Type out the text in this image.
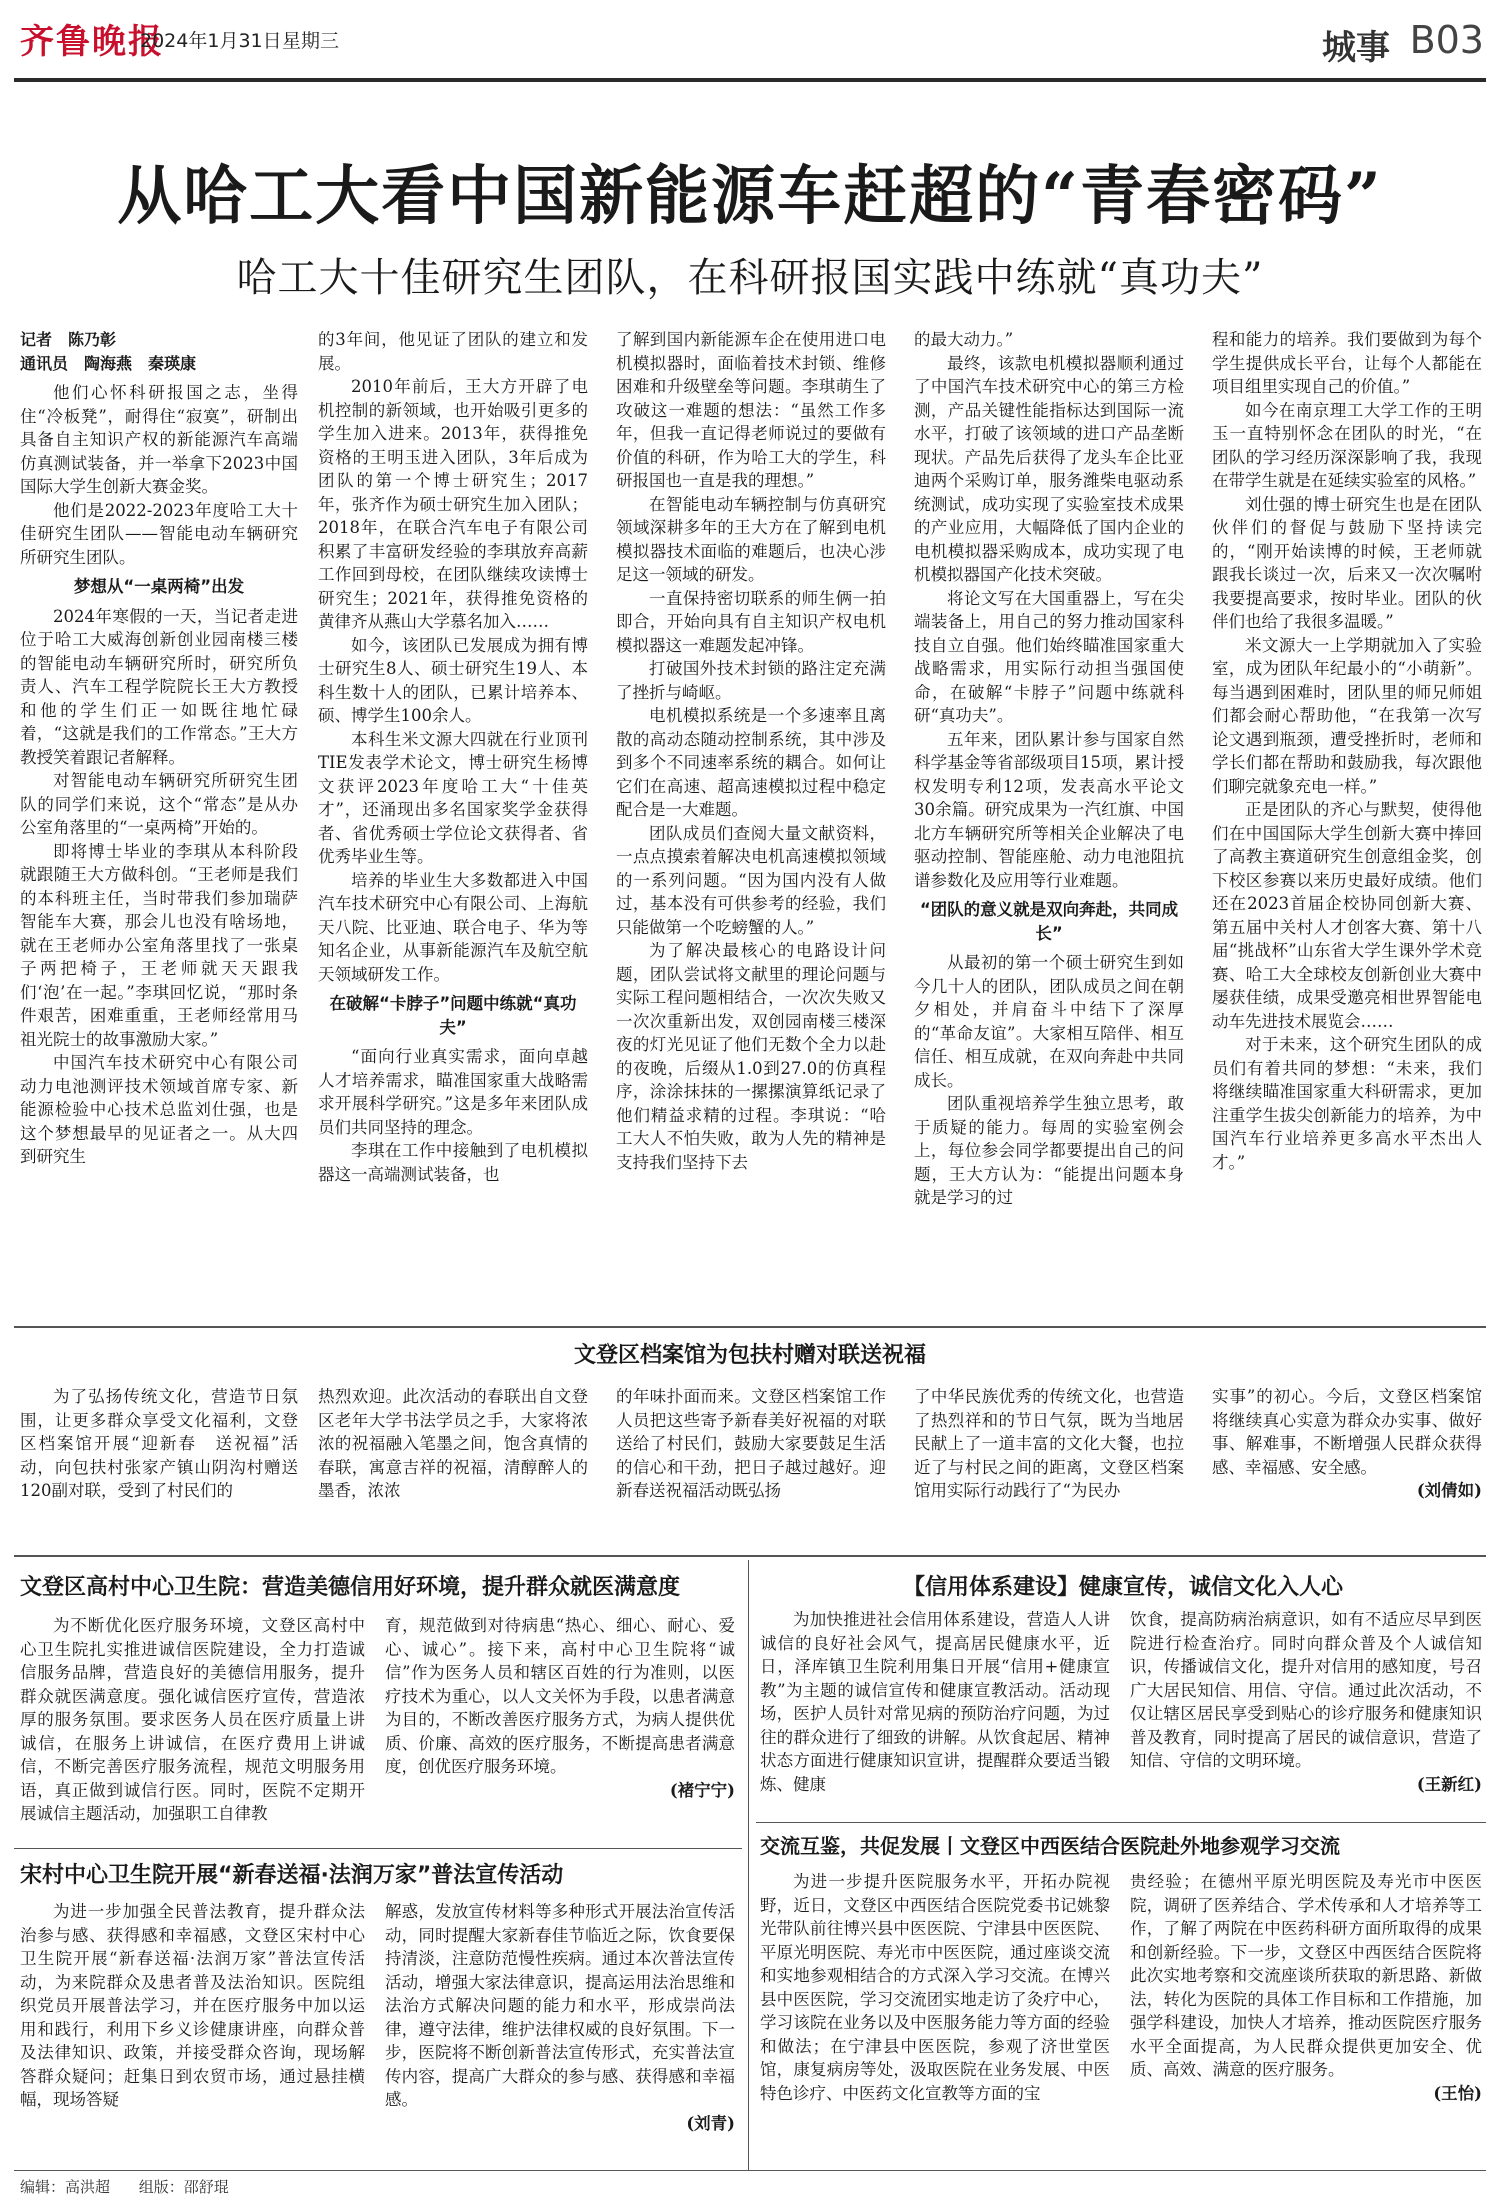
齐鲁晚报
2024年1月31日 星期三	城事 B03
从哈工大看中国新能源车赶超的“青春密码”
哈工大十佳研究生团队，在科研报国实践中练就“真功夫”

记者　陈乃彰

通讯员　陶海燕　秦瑛康

他们心怀科研报国之志，坐得住“冷板凳”，耐得住“寂寞”，研制出具备自主知识产权的新能源汽车高端仿真测试装备，并一举拿下2023中国国际大学生创新大赛金奖。

他们是2022-2023年度哈工大十佳研究生团队——智能电动车辆研究所研究生团队。

梦想从“一桌两椅”出发

2024年寒假的一天，当记者走进位于哈工大威海创新创业园南楼三楼的智能电动车辆研究所时，研究所负责人、汽车工程学院院长王大方教授和他的学生们正一如既往地忙碌着，“这就是我们的工作常态。”王大方教授笑着跟记者解释。

对智能电动车辆研究所研究生团队的同学们来说，这个“常态”是从办公室角落里的“一桌两椅”开始的。

即将博士毕业的李琪从本科阶段就跟随王大方做科创。“王老师是我们的本科班主任，当时带我们参加瑞萨智能车大赛，那会儿也没有啥场地，就在王老师办公室角落里找了一张桌子两把椅子，王老师就天天跟我们‘泡’在一起。”李琪回忆说，“那时条件艰苦，困难重重，王老师经常用马祖光院士的故事激励大家。”

中国汽车技术研究中心有限公司动力电池测评技术领域首席专家、新能源检验中心技术总监刘仕强，也是这个梦想最早的见证者之一。从大四到研究生

的3年间，他见证了团队的建立和发展。

2010年前后，王大方开辟了电机控制的新领域，也开始吸引更多的学生加入进来。2013年，获得推免资格的王明玉进入团队，3年后成为团队的第一个博士研究生；2017年，张齐作为硕士研究生加入团队；2018年，在联合汽车电子有限公司积累了丰富研发经验的李琪放弃高薪工作回到母校，在团队继续攻读博士研究生；2021年，获得推免资格的黄律齐从燕山大学慕名加入……

如今，该团队已发展成为拥有博士研究生8人、硕士研究生19人、本科生数十人的团队，已累计培养本、硕、博学生100余人。

本科生米文源大四就在行业顶刊TIE发表学术论文，博士研究生杨博文获评2023年度哈工大“十佳英才”，还涌现出多名国家奖学金获得者、省优秀硕士学位论文获得者、省优秀毕业生等。

培养的毕业生大多数都进入中国汽车技术研究中心有限公司、上海航天八院、比亚迪、联合电子、华为等知名企业，从事新能源汽车及航空航天领域研发工作。

在破解“卡脖子”问题中练就“真功夫”

“面向行业真实需求，面向卓越人才培养需求，瞄准国家重大战略需求开展科学研究。”这是多年来团队成员们共同坚持的理念。

李琪在工作中接触到了电机模拟器这一高端测试装备，也

了解到国内新能源车企在使用进口电机模拟器时，面临着技术封锁、维修困难和升级壁垒等问题。李琪萌生了攻破这一难题的想法：“虽然工作多年，但我一直记得老师说过的要做有价值的科研，作为哈工大的学生，科研报国也一直是我的理想。”

在智能电动车辆控制与仿真研究领域深耕多年的王大方在了解到电机模拟器技术面临的难题后，也决心涉足这一领域的研发。

一直保持密切联系的师生俩一拍即合，开始向具有自主知识产权电机模拟器这一难题发起冲锋。

打破国外技术封锁的路注定充满了挫折与崎岖。

电机模拟系统是一个多速率且离散的高动态随动控制系统，其中涉及到多个不同速率系统的耦合。如何让它们在高速、超高速模拟过程中稳定配合是一大难题。

团队成员们查阅大量文献资料，一点点摸索着解决电机高速模拟领域的一系列问题。“因为国内没有人做过，基本没有可供参考的经验，我们只能做第一个吃螃蟹的人。”

为了解决最核心的电路设计问题，团队尝试将文献里的理论问题与实际工程问题相结合，一次次失败又一次次重新出发，双创园南楼三楼深夜的灯光见证了他们无数个全力以赴的夜晚，后缀从1.0到27.0的仿真程序，涂涂抹抹的一摞摞演算纸记录了他们精益求精的过程。李琪说：“哈工大人不怕失败，敢为人先的精神是支持我们坚持下去

的最大动力。”

最终，该款电机模拟器顺利通过了中国汽车技术研究中心的第三方检测，产品关键性能指标达到国际一流水平，打破了该领域的进口产品垄断现状。产品先后获得了龙头车企比亚迪两个采购订单，服务潍柴电驱动系统测试，成功实现了实验室技术成果的产业应用，大幅降低了国内企业的电机模拟器采购成本，成功实现了电机模拟器国产化技术突破。

将论文写在大国重器上，写在尖端装备上，用自己的努力推动国家科技自立自强。他们始终瞄准国家重大战略需求，用实际行动担当强国使命，在破解“卡脖子”问题中练就科研“真功夫”。

五年来，团队累计参与国家自然科学基金等省部级项目15项，累计授权发明专利12项，发表高水平论文30余篇。研究成果为一汽红旗、中国北方车辆研究所等相关企业解决了电驱动控制、智能座舱、动力电池阻抗谱参数化及应用等行业难题。

“团队的意义就是双向奔赴，共同成长”

从最初的第一个硕士研究生到如今几十人的团队，团队成员之间在朝夕相处，并肩奋斗中结下了深厚的“革命友谊”。大家相互陪伴、相互信任、相互成就，在双向奔赴中共同成长。

团队重视培养学生独立思考，敢于质疑的能力。每周的实验室例会上，每位参会同学都要提出自己的问题，王大方认为：“能提出问题本身就是学习的过

程和能力的培养。我们要做到为每个学生提供成长平台，让每个人都能在项目组里实现自己的价值。”

如今在南京理工大学工作的王明玉一直特别怀念在团队的时光，“在团队的学习经历深深影响了我，我现在带学生就是在延续实验室的风格。”

刘仕强的博士研究生也是在团队伙伴们的督促与鼓励下坚持读完的，“刚开始读博的时候，王老师就跟我长谈过一次，后来又一次次嘱咐我要提高要求，按时毕业。团队的伙伴们也给了我很多温暖。”

米文源大一上学期就加入了实验室，成为团队年纪最小的“小萌新”。每当遇到困难时，团队里的师兄师姐们都会耐心帮助他，“在我第一次写论文遇到瓶颈，遭受挫折时，老师和学长们都在帮助和鼓励我，每次跟他们聊完就象充电一样。”

正是团队的齐心与默契，使得他们在中国国际大学生创新大赛中捧回了高教主赛道研究生创意组金奖，创下校区参赛以来历史最好成绩。他们还在2023首届企校协同创新大赛、第五届中关村人才创客大赛、第十八届“挑战杯”山东省大学生课外学术竞赛、哈工大全球校友创新创业大赛中屡获佳绩，成果受邀亮相世界智能电动车先进技术展览会……

对于未来，这个研究生团队的成员们有着共同的梦想：“未来，我们将继续瞄准国家重大科研需求，更加注重学生拔尖创新能力的培养，为中国汽车行业培养更多高水平杰出人才。”

文登区档案馆为包扶村赠对联送祝福

为了弘扬传统文化，营造节日氛围，让更多群众享受文化福利，文登区档案馆开展“迎新春　送祝福”活动，向包扶村张家产镇山阴沟村赠送120副对联，受到了村民们的

热烈欢迎。此次活动的春联出自文登区老年大学书法学员之手，大家将浓浓的祝福融入笔墨之间，饱含真情的春联，寓意吉祥的祝福，清醇醉人的墨香，浓浓

的年味扑面而来。文登区档案馆工作人员把这些寄予新春美好祝福的对联送给了村民们，鼓励大家要鼓足生活的信心和干劲，把日子越过越好。迎新春送祝福活动既弘扬

了中华民族优秀的传统文化，也营造了热烈祥和的节日气氛，既为当地居民献上了一道丰富的文化大餐，也拉近了与村民之间的距离，文登区档案馆用实际行动践行了“为民办

实事”的初心。今后，文登区档案馆将继续真心实意为群众办实事、做好事、解难事，不断增强人民群众获得感、幸福感、安全感。

(刘倩如)
文登区高村中心卫生院：营造美德信用好环境，提升群众就医满意度

为不断优化医疗服务环境，文登区高村中心卫生院扎实推进诚信医院建设，全力打造诚信服务品牌，营造良好的美德信用服务，提升群众就医满意度。强化诚信医疗宣传，营造浓厚的服务氛围。要求医务人员在医疗质量上讲诚信，在服务上讲诚信，在医疗费用上讲诚信，不断完善医疗服务流程，规范文明服务用语，真正做到诚信行医。同时，医院不定期开展诚信主题活动，加强职工自律教

育，规范做到对待病患“热心、细心、耐心、爱心、诚心”。接下来，高村中心卫生院将“诚信”作为医务人员和辖区百姓的行为准则，以医疗技术为重心，以人文关怀为手段，以患者满意为目的，不断改善医疗服务方式，为病人提供优质、价廉、高效的医疗服务，不断提高患者满意度，创优医疗服务环境。

(褚宁宁)
宋村中心卫生院开展“新春送福·法润万家”普法宣传活动

为进一步加强全民普法教育，提升群众法治参与感、获得感和幸福感，文登区宋村中心卫生院开展“新春送福·法润万家”普法宣传活动，为来院群众及患者普及法治知识。医院组织党员开展普法学习，并在医疗服务中加以运用和践行，利用下乡义诊健康讲座，向群众普及法律知识、政策，并接受群众咨询，现场解答群众疑问；赶集日到农贸市场，通过悬挂横幅，现场答疑

解惑，发放宣传材料等多种形式开展法治宣传活动，同时提醒大家新春佳节临近之际，饮食要保持清淡，注意防范慢性疾病。通过本次普法宣传活动，增强大家法律意识，提高运用法治思维和法治方式解决问题的能力和水平，形成崇尚法律，遵守法律，维护法律权威的良好氛围。下一步，医院将不断创新普法宣传形式，充实普法宣传内容，提高广大群众的参与感、获得感和幸福感。

(刘青)
【信用体系建设】健康宣传，诚信文化入人心

为加快推进社会信用体系建设，营造人人讲诚信的良好社会风气，提高居民健康水平，近日，泽库镇卫生院利用集日开展“信用+健康宣教”为主题的诚信宣传和健康宣教活动。活动现场，医护人员针对常见病的预防治疗问题，为过往的群众进行了细致的讲解。从饮食起居、精神状态方面进行健康知识宣讲，提醒群众要适当锻炼、健康

饮食，提高防病治病意识，如有不适应尽早到医院进行检查治疗。同时向群众普及个人诚信知识，传播诚信文化，提升对信用的感知度，号召广大居民知信、用信、守信。通过此次活动，不仅让辖区居民享受到贴心的诊疗服务和健康知识普及教育，同时提高了居民的诚信意识，营造了知信、守信的文明环境。

(王新红)
交流互鉴，共促发展丨文登区中西医结合医院赴外地参观学习交流

为进一步提升医院服务水平，开拓办院视野，近日，文登区中西医结合医院党委书记姚黎光带队前往博兴县中医医院、宁津县中医医院、平原光明医院、寿光市中医医院，通过座谈交流和实地参观相结合的方式深入学习交流。在博兴县中医医院，学习交流团实地走访了灸疗中心，学习该院在业务以及中医服务能力等方面的经验和做法；在宁津县中医医院，参观了济世堂医馆，康复病房等处，汲取医院在业务发展、中医特色诊疗、中医药文化宣教等方面的宝

贵经验；在德州平原光明医院及寿光市中医医院，调研了医养结合、学术传承和人才培养等工作，了解了两院在中医药科研方面所取得的成果和创新经验。下一步，文登区中西医结合医院将此次实地考察和交流座谈所获取的新思路、新做法，转化为医院的具体工作目标和工作措施，加强学科建设，加快人才培养，推动医院医疗服务水平全面提高，为人民群众提供更加安全、优质、高效、满意的医疗服务。

(王怡)
编辑：高洪超 组版：邵舒琨
